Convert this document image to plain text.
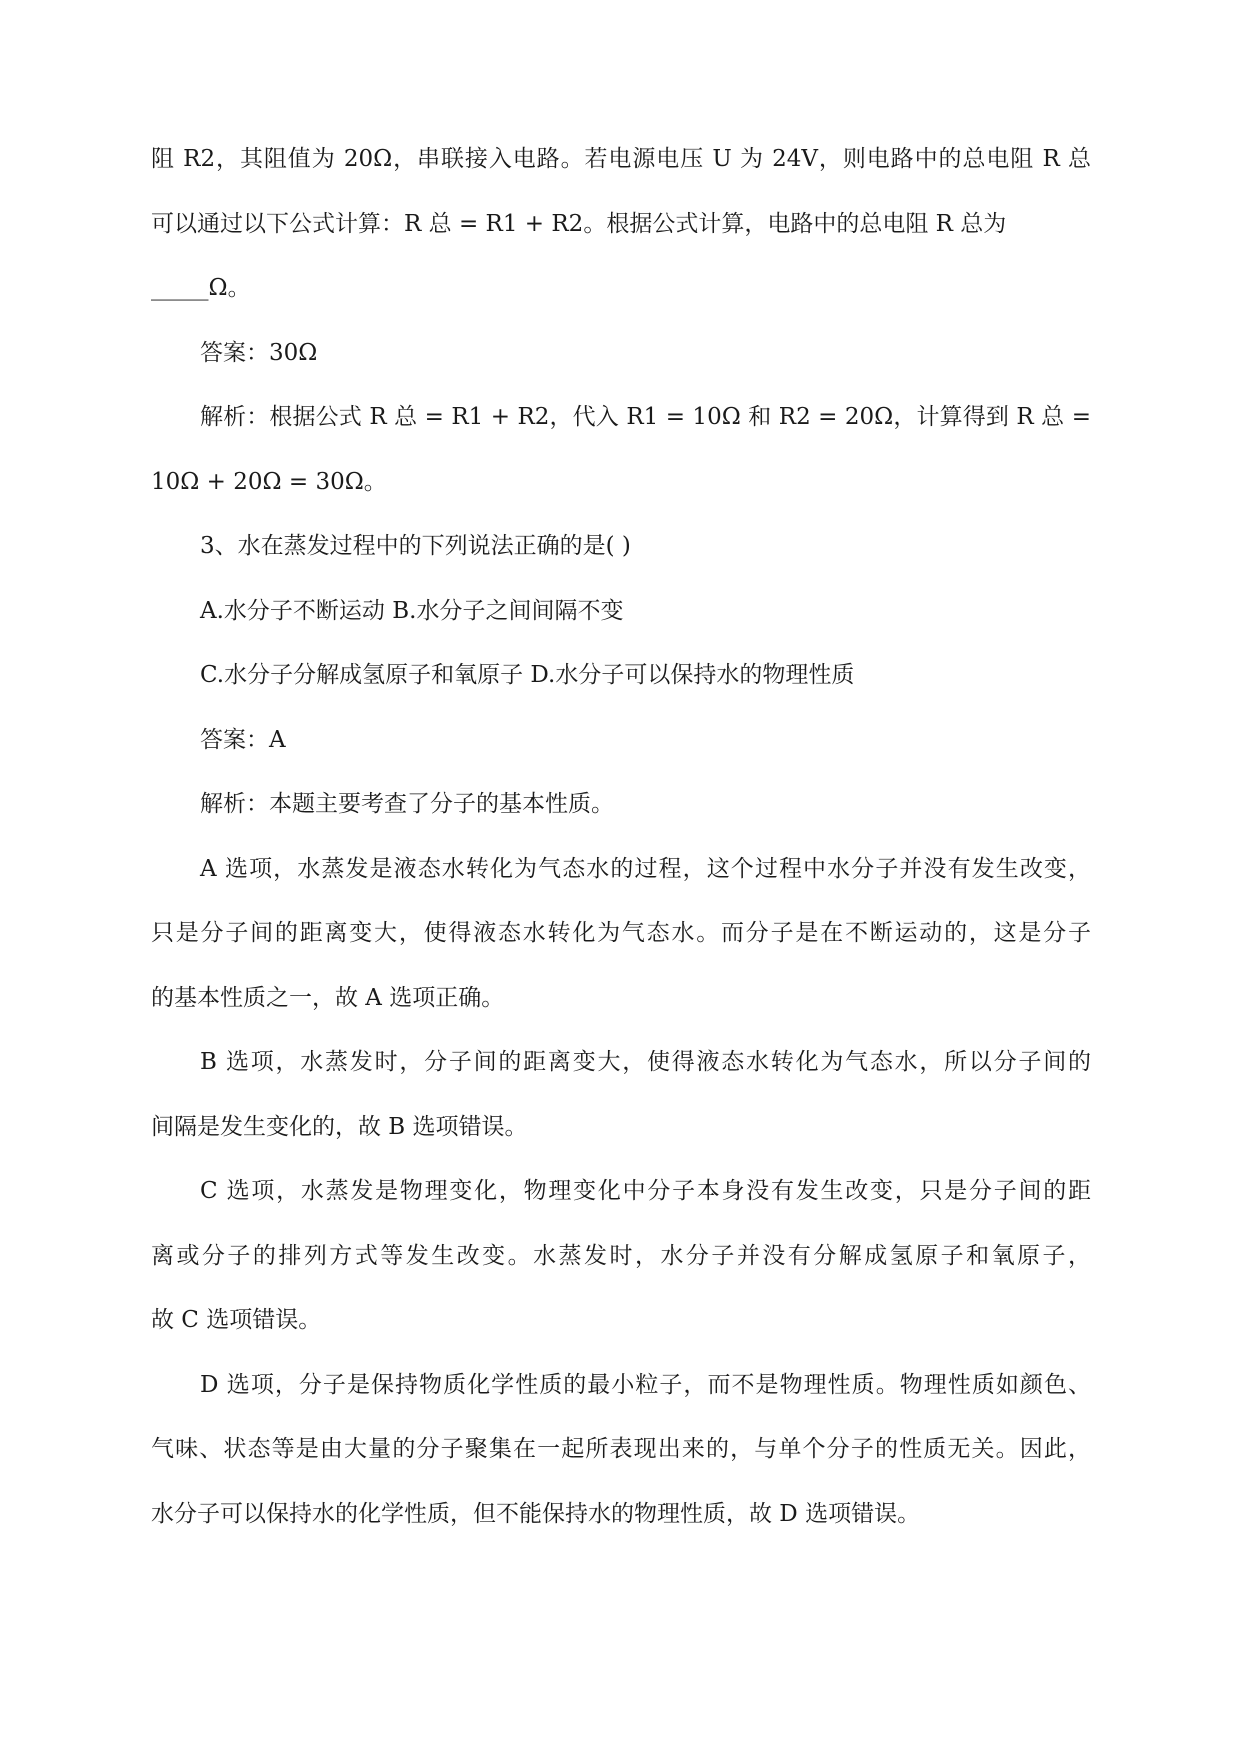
阻 R2，其阻值为 20Ω，串联接入电路。若电源电压 U 为 24V，则电路中的总电阻 R 总
可以通过以下公式计算：R 总 = R1 + R2。根据公式计算，电路中的总电阻 R 总为
_____Ω。
答案：30Ω
解析：根据公式 R 总 = R1 + R2，代入 R1 = 10Ω 和 R2 = 20Ω，计算得到 R 总 =
10Ω + 20Ω = 30Ω。
3、水在蒸发过程中的下列说法正确的是( )
A.水分子不断运动 B.水分子之间间隔不变
C.水分子分解成氢原子和氧原子 D.水分子可以保持水的物理性质
答案：A
解析：本题主要考查了分子的基本性质。
A 选项，水蒸发是液态水转化为气态水的过程，这个过程中水分子并没有发生改变，
只是分子间的距离变大，使得液态水转化为气态水。而分子是在不断运动的，这是分子
的基本性质之一，故 A 选项正确。
B 选项，水蒸发时，分子间的距离变大，使得液态水转化为气态水，所以分子间的
间隔是发生变化的，故 B 选项错误。
C 选项，水蒸发是物理变化，物理变化中分子本身没有发生改变，只是分子间的距
离或分子的排列方式等发生改变。水蒸发时，水分子并没有分解成氢原子和氧原子，
故 C 选项错误。
D 选项，分子是保持物质化学性质的最小粒子，而不是物理性质。物理性质如颜色、
气味、状态等是由大量的分子聚集在一起所表现出来的，与单个分子的性质无关。因此，
水分子可以保持水的化学性质，但不能保持水的物理性质，故 D 选项错误。
